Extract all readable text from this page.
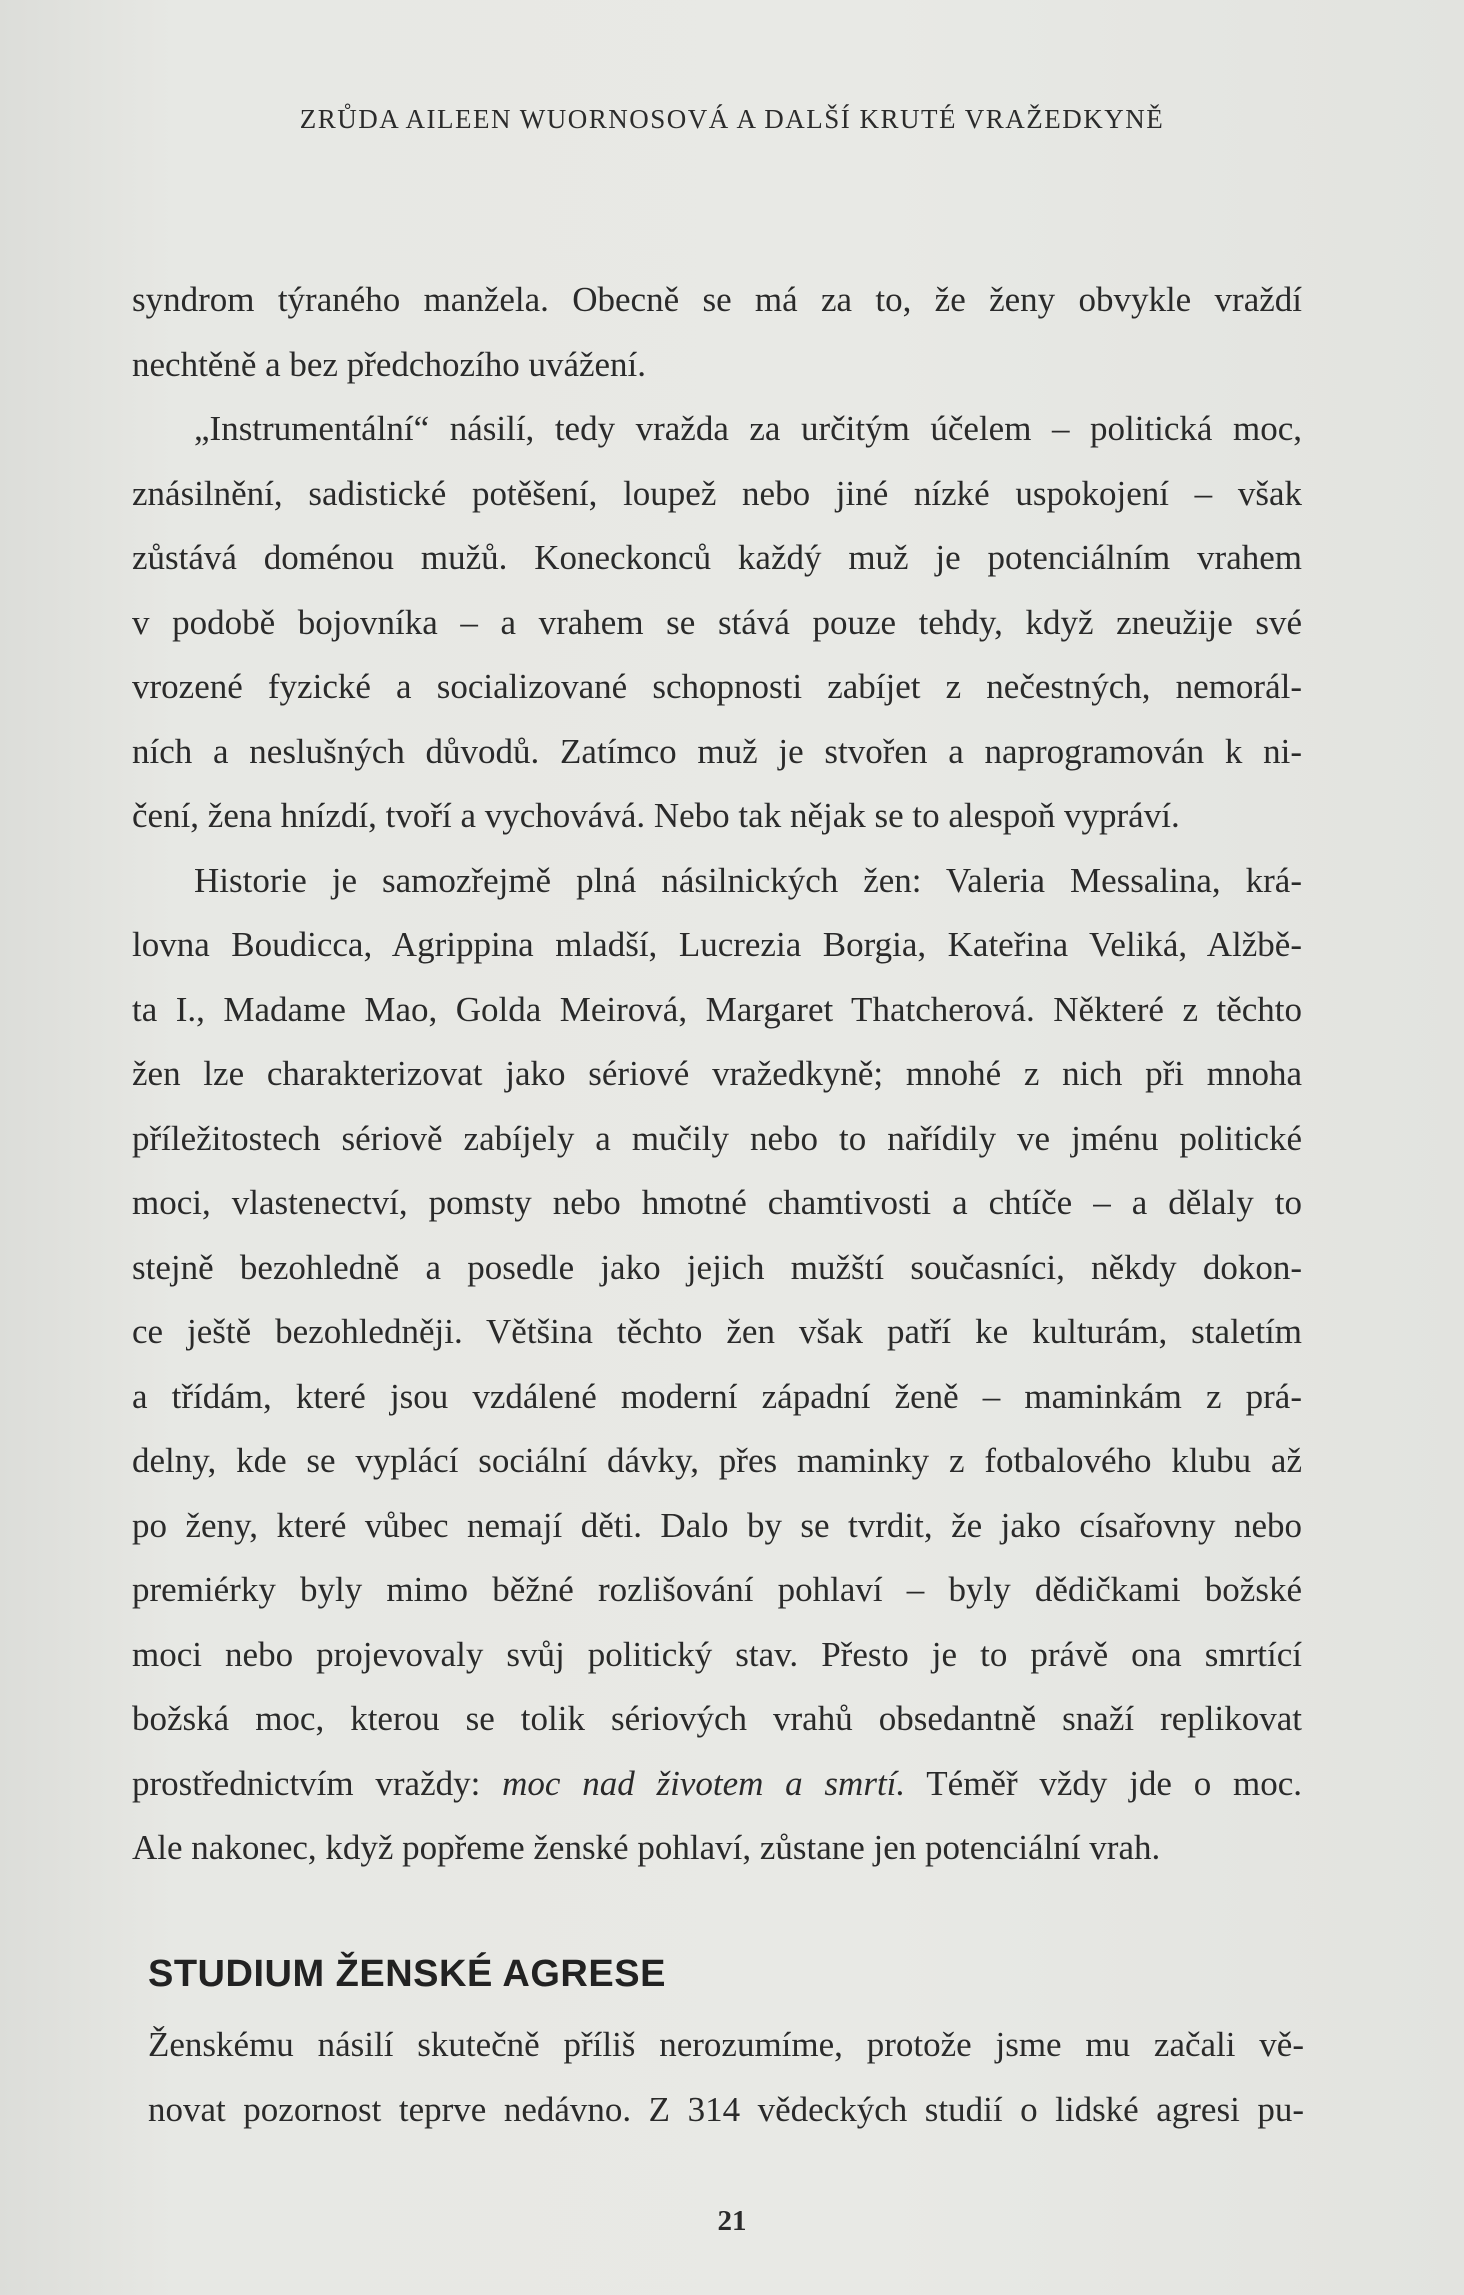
ZRŮDA AILEEN WUORNOSOVÁ A DALŠÍ KRUTÉ VRAŽEDKYNĚ
syndrom týraného manžela. Obecně se má za to, že ženy obvykle vraždí
nechtěně a bez předchozího uvážení.
„Instrumentální“ násilí, tedy vražda za určitým účelem – politická moc,
znásilnění, sadistické potěšení, loupež nebo jiné nízké uspokojení – však
zůstává doménou mužů. Koneckonců každý muž je potenciálním vrahem
v podobě bojovníka – a vrahem se stává pouze tehdy, když zneužije své
vrozené fyzické a socializované schopnosti zabíjet z nečestných, nemorál-
ních a neslušných důvodů. Zatímco muž je stvořen a naprogramován k ni-
čení, žena hnízdí, tvoří a vychovává. Nebo tak nějak se to alespoň vypráví.
Historie je samozřejmě plná násilnických žen: Valeria Messalina, krá-
lovna Boudicca, Agrippina mladší, Lucrezia Borgia, Kateřina Veliká, Alžbě-
ta I., Madame Mao, Golda Meirová, Margaret Thatcherová. Některé z těchto
žen lze charakterizovat jako sériové vražedkyně; mnohé z nich při mnoha
příležitostech sériově zabíjely a mučily nebo to nařídily ve jménu politické
moci, vlastenectví, pomsty nebo hmotné chamtivosti a chtíče – a dělaly to
stejně bezohledně a posedle jako jejich mužští současníci, někdy dokon-
ce ještě bezohledněji. Většina těchto žen však patří ke kulturám, staletím
a třídám, které jsou vzdálené moderní západní ženě – maminkám z prá-
delny, kde se vyplácí sociální dávky, přes maminky z fotbalového klubu až
po ženy, které vůbec nemají děti. Dalo by se tvrdit, že jako císařovny nebo
premiérky byly mimo běžné rozlišování pohlaví – byly dědičkami božské
moci nebo projevovaly svůj politický stav. Přesto je to právě ona smrtící
božská moc, kterou se tolik sériových vrahů obsedantně snaží replikovat
prostřednictvím vraždy: moc nad životem a smrtí. Téměř vždy jde o moc.
Ale nakonec, když popřeme ženské pohlaví, zůstane jen potenciální vrah.
STUDIUM ŽENSKÉ AGRESE
Ženskému násilí skutečně příliš nerozumíme, protože jsme mu začali vě-
novat pozornost teprve nedávno. Z 314 vědeckých studií o lidské agresi pu-
21
